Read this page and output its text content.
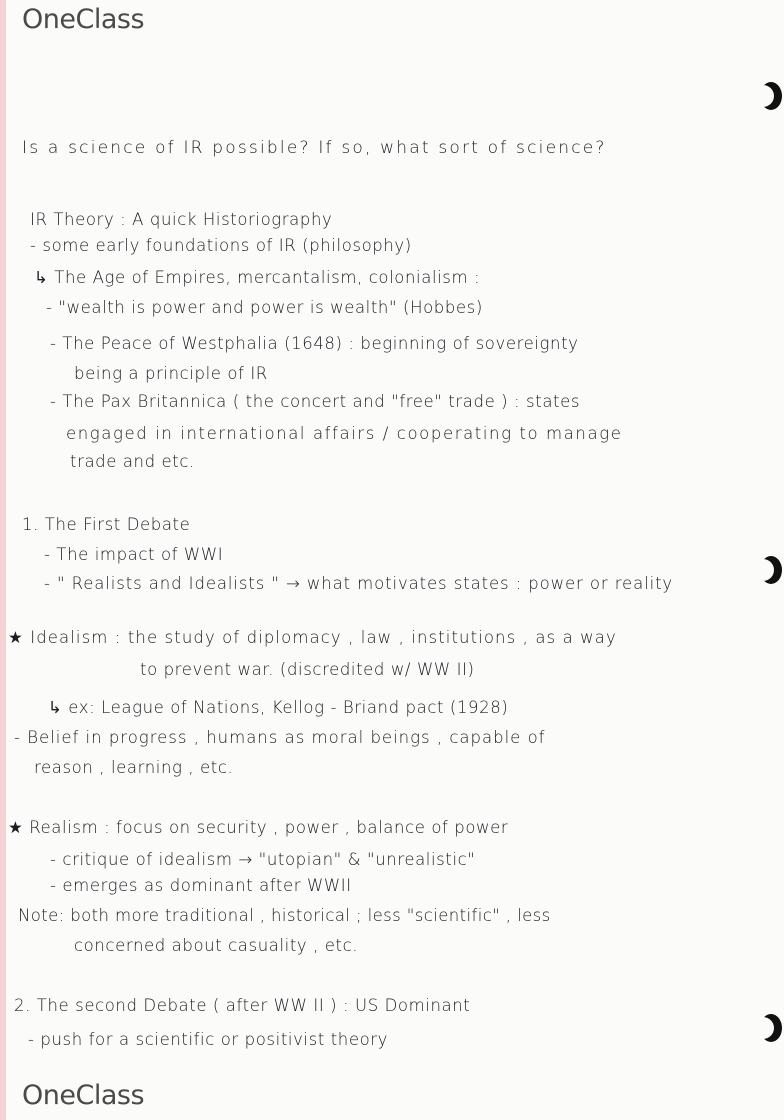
OneClass
Is a science of IR possible? If so, what sort of science?
IR Theory : A quick Historiography
- some early foundations of IR (philosophy)
↳ The Age of Empires, mercantalism, colonialism :
- "wealth is power and power is wealth" (Hobbes)
- The Peace of Westphalia (1648) : beginning of sovereignty
being a principle of IR
- The Pax Britannica ( the concert and "free" trade ) : states
engaged in international affairs / cooperating to manage
trade and etc.
1. The First Debate
- The impact of WWI
- " Realists and Idealists " → what motivates states : power or reality
★ Idealism : the study of diplomacy , law , institutions , as a way
to prevent war. (discredited w/ WW II)
↳ ex: League of Nations, Kellog - Briand pact (1928)
- Belief in progress , humans as moral beings , capable of
reason , learning , etc.
★ Realism : focus on security , power , balance of power
- critique of idealism → "utopian" & "unrealistic"
- emerges as dominant after WWII
Note: both more traditional , historical ; less "scientific" , less
concerned about casuality , etc.
2. The second Debate ( after WW II ) : US Dominant
- push for a scientific or positivist theory
OneClass
